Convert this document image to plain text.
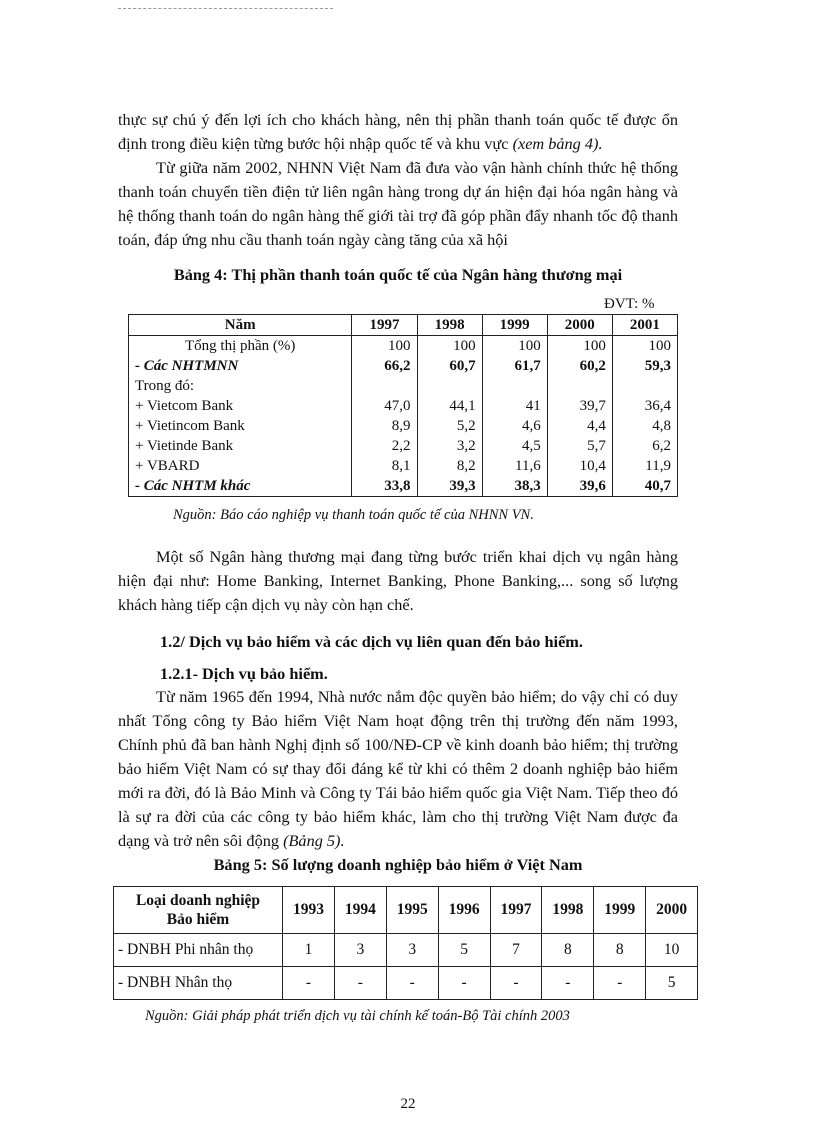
thực sự chú ý đến lợi ích cho khách hàng, nên thị phần thanh toán quốc tế được ổn định trong điều kiện từng bước hội nhập quốc tế và khu vực (xem bảng 4).

Từ giữa năm 2002, NHNN Việt Nam đã đưa vào vận hành chính thức hệ thống thanh toán chuyển tiền điện tử liên ngân hàng trong dự án hiện đại hóa ngân hàng và hệ thống thanh toán do ngân hàng thế giới tài trợ đã góp phần đẩy nhanh tốc độ thanh toán, đáp ứng nhu cầu thanh toán ngày càng tăng của xã hội

Bảng 4: Thị phần thanh toán quốc tế của Ngân hàng thương mại

ĐVT: %
Năm	1997	1998	1999	2000	2001
Tổng thị phần (%)	100	100	100	100	100
- Các NHTMNN	66,2	60,7	61,7	60,2	59,3
Trong đó:					
+ Vietcom Bank	47,0	44,1	41	39,7	36,4
+ Vietincom Bank	8,9	5,2	4,6	4,4	4,8
+ Vietinde Bank	2,2	3,2	4,5	5,7	6,2
+ VBARD	8,1	8,2	11,6	10,4	11,9
- Các NHTM khác	33,8	39,3	38,3	39,6	40,7

Nguồn: Báo cáo nghiệp vụ thanh toán quốc tế của NHNN VN.

Một số Ngân hàng thương mại đang từng bước triển khai dịch vụ ngân hàng hiện đại như: Home Banking, Internet Banking, Phone Banking,... song số lượng khách hàng tiếp cận dịch vụ này còn hạn chế.

1.2/ Dịch vụ bảo hiểm và các dịch vụ liên quan đến bảo hiểm.

1.2.1- Dịch vụ bảo hiểm.

Từ năm 1965 đến 1994, Nhà nước nắm độc quyền bảo hiểm; do vậy chỉ có duy nhất Tổng công ty Bảo hiểm Việt Nam hoạt động trên thị trường đến năm 1993, Chính phủ đã ban hành Nghị định số 100/NĐ-CP về kinh doanh bảo hiểm; thị trường bảo hiểm Việt Nam có sự thay đổi đáng kể từ khi có thêm 2 doanh nghiệp bảo hiểm mới ra đời, đó là Bảo Minh và Công ty Tái bảo hiểm quốc gia Việt Nam. Tiếp theo đó là sự ra đời của các công ty bảo hiểm khác, làm cho thị trường Việt Nam được đa dạng và trở nên sôi động (Bảng 5).

Bảng 5: Số lượng doanh nghiệp bảo hiểm ở Việt Nam

Loại doanh nghiệp
Bảo hiểm	1993	1994	1995	1996	1997	1998	1999	2000
- DNBH Phi nhân thọ	1	3	3	5	7	8	8	10
- DNBH Nhân thọ	-	-	-	-	-	-	-	5

Nguồn: Giải pháp phát triển dịch vụ tài chính kế toán-Bộ Tài chính 2003

22
